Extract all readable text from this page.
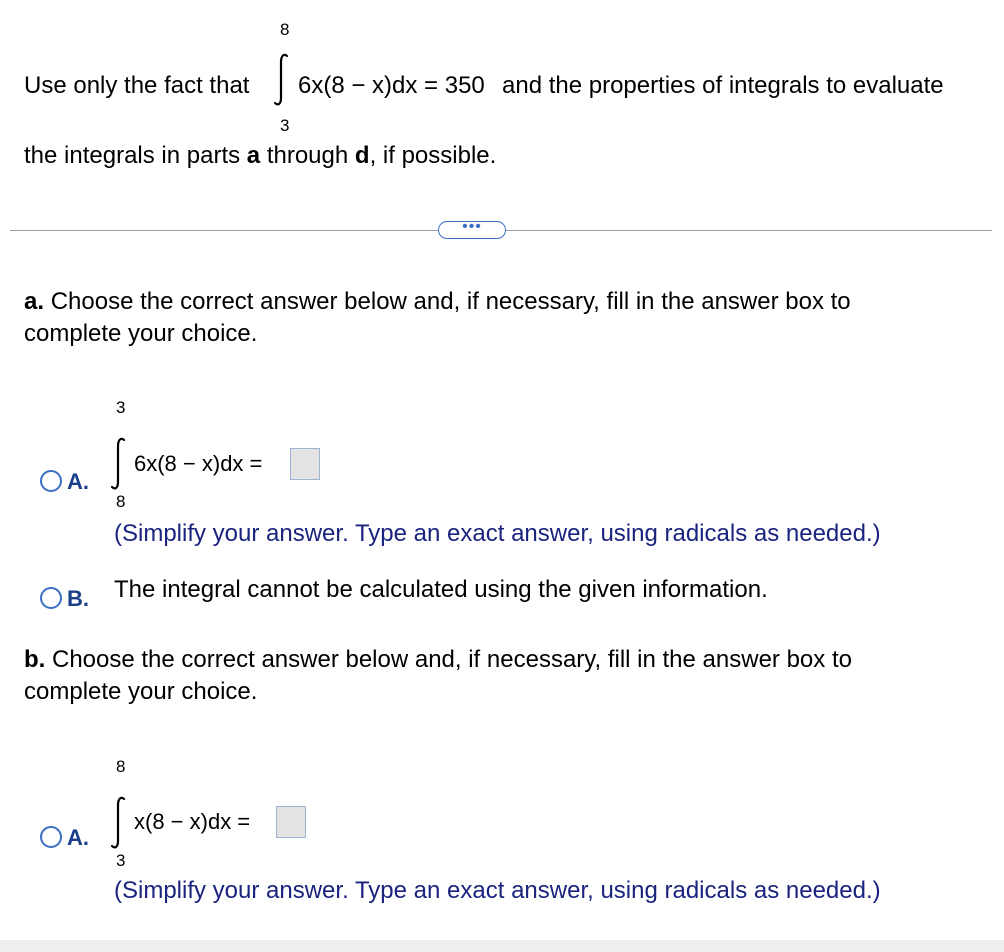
Use only the fact that
8
6x(8 − x)dx = 350 and the properties of integrals to evaluate
3
the integrals in parts a through d, if possible.
•••
a. Choose the correct answer below and, if necessary, fill in the answer box to
complete your choice.
3
6x(8 − x)dx =
A.
8
(Simplify your answer. Type an exact answer, using radicals as needed.)
B. The integral cannot be calculated using the given information.
b. Choose the correct answer below and, if necessary, fill in the answer box to
complete your choice.
8
x(8 − x)dx =
A.
3
(Simplify your answer. Type an exact answer, using radicals as needed.)
